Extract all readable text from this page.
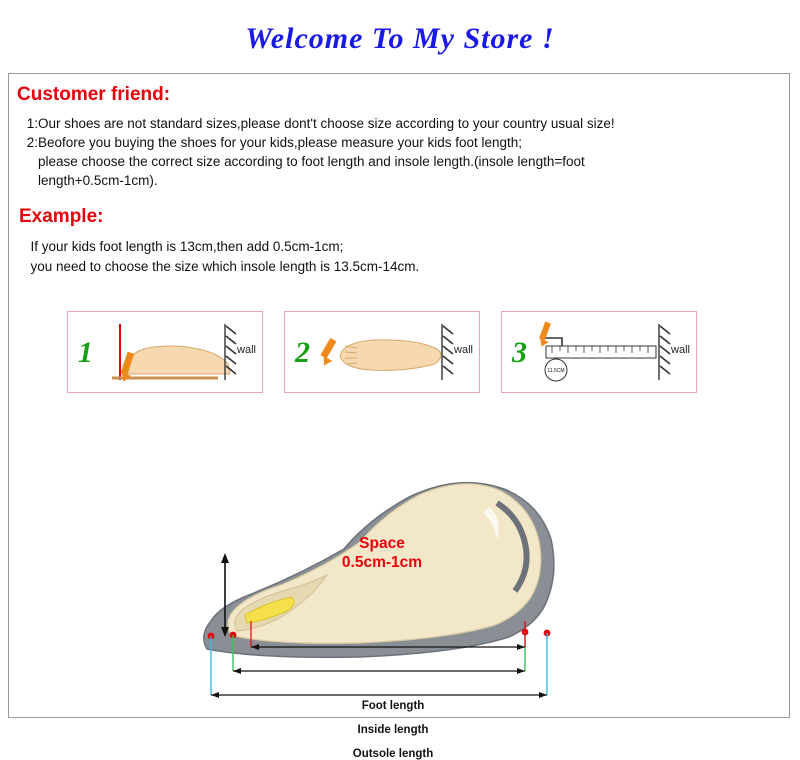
Welcome To My Store !
Customer friend:
1:Our shoes are not standard sizes,please dont't choose size according to your country usual size!
2:Beofore you buying the shoes for your kids,please measure your kids foot length;
please choose the correct size according to foot length and insole length.(insole length=foot
length+0.5cm-1cm).
Example:
If your kids foot length is 13cm,then add 0.5cm-1cm;
you need to choose the size which insole length is 13.5cm-14cm.
1	wall 2	wall 3
11.5CM
wall
Space
0.5cm-1cm
Foot length
Inside length
Outsole length
